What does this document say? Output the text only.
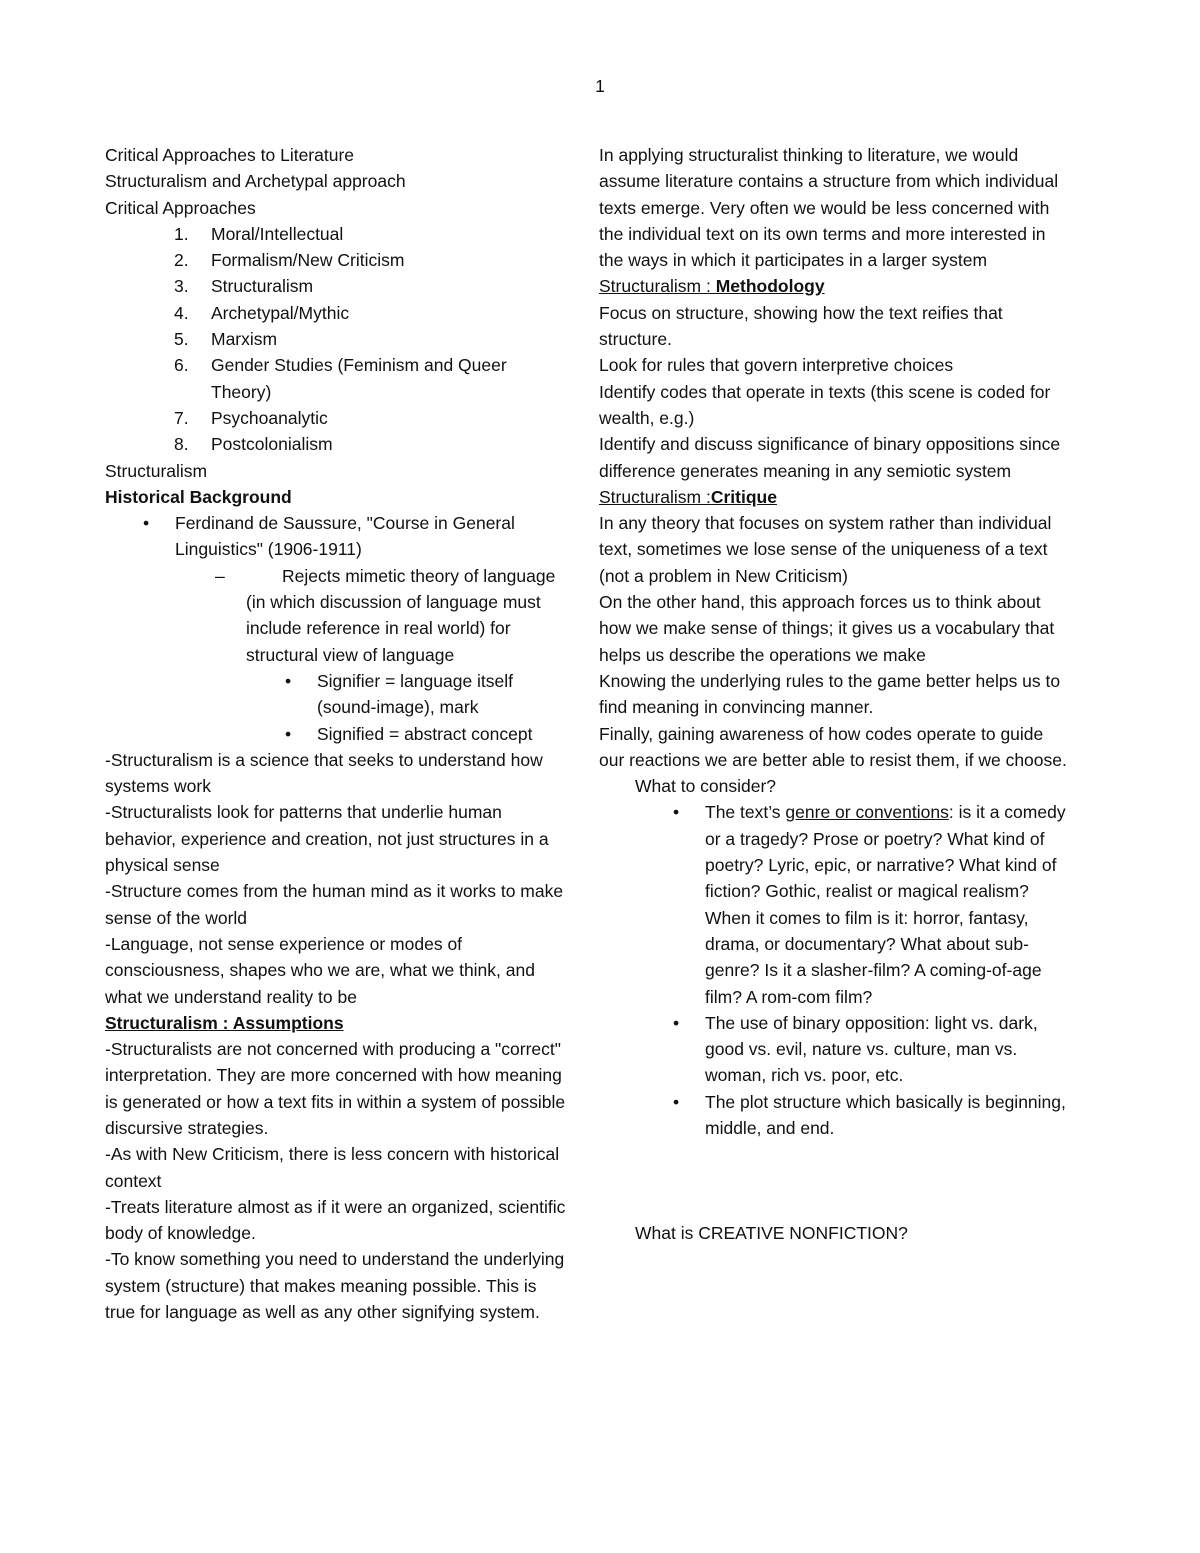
1
Critical Approaches to Literature
Structuralism and Archetypal approach
Critical Approaches
1.	Moral/Intellectual
2.	Formalism/New Criticism
3.	Structuralism
4.	Archetypal/Mythic
5.	Marxism
6.	Gender Studies (Feminism and Queer Theory)
7.	Psychoanalytic
8.	Postcolonialism
Structuralism
Historical Background
• Ferdinand de Saussure, "Course in General Linguistics" (1906-1911)
–	Rejects mimetic theory of language (in which discussion of language must include reference in real world) for structural view of language
• Signifier = language itself (sound-image), mark
• Signified = abstract concept
-Structuralism is a science that seeks to understand how systems work
-Structuralists look for patterns that underlie human behavior, experience and creation, not just structures in a physical sense
-Structure comes from the human mind as it works to make sense of the world
-Language, not sense experience or modes of consciousness, shapes who we are, what we think, and what we understand reality to be
Structuralism : Assumptions
-Structuralists are not concerned with producing a "correct" interpretation. They are more concerned with how meaning is generated or how a text fits in within a system of possible discursive strategies.
-As with New Criticism, there is less concern with historical context
-Treats literature almost as if it were an organized, scientific body of knowledge.
-To know something you need to understand the underlying system (structure) that makes meaning possible. This is true for language as well as any other signifying system.
In applying structuralist thinking to literature, we would assume literature contains a structure from which individual texts emerge. Very often we would be less concerned with the individual text on its own terms and more interested in the ways in which it participates in a larger system
Structuralism : Methodology
Focus on structure, showing how the text reifies that structure.
Look for rules that govern interpretive choices
Identify codes that operate in texts (this scene is coded for wealth, e.g.)
Identify and discuss significance of binary oppositions since difference generates meaning in any semiotic system
Structuralism :Critique
In any theory that focuses on system rather than individual text, sometimes we lose sense of the uniqueness of a text (not a problem in New Criticism)
On the other hand, this approach forces us to think about how we make sense of things; it gives us a vocabulary that helps us describe the operations we make
Knowing the underlying rules to the game better helps us to find meaning in convincing manner.
Finally, gaining awareness of how codes operate to guide our reactions we are better able to resist them, if we choose.
What to consider?
• The text’s genre or conventions: is it a comedy or a tragedy? Prose or poetry? What kind of poetry? Lyric, epic, or narrative? What kind of fiction? Gothic, realist or magical realism? When it comes to film is it: horror, fantasy, drama, or documentary? What about sub-genre? Is it a slasher-film? A coming-of-age film? A rom-com film?
• The use of binary opposition: light vs. dark, good vs. evil, nature vs. culture, man vs. woman, rich vs. poor, etc.
• The plot structure which basically is beginning, middle, and end.
What is CREATIVE NONFICTION?
